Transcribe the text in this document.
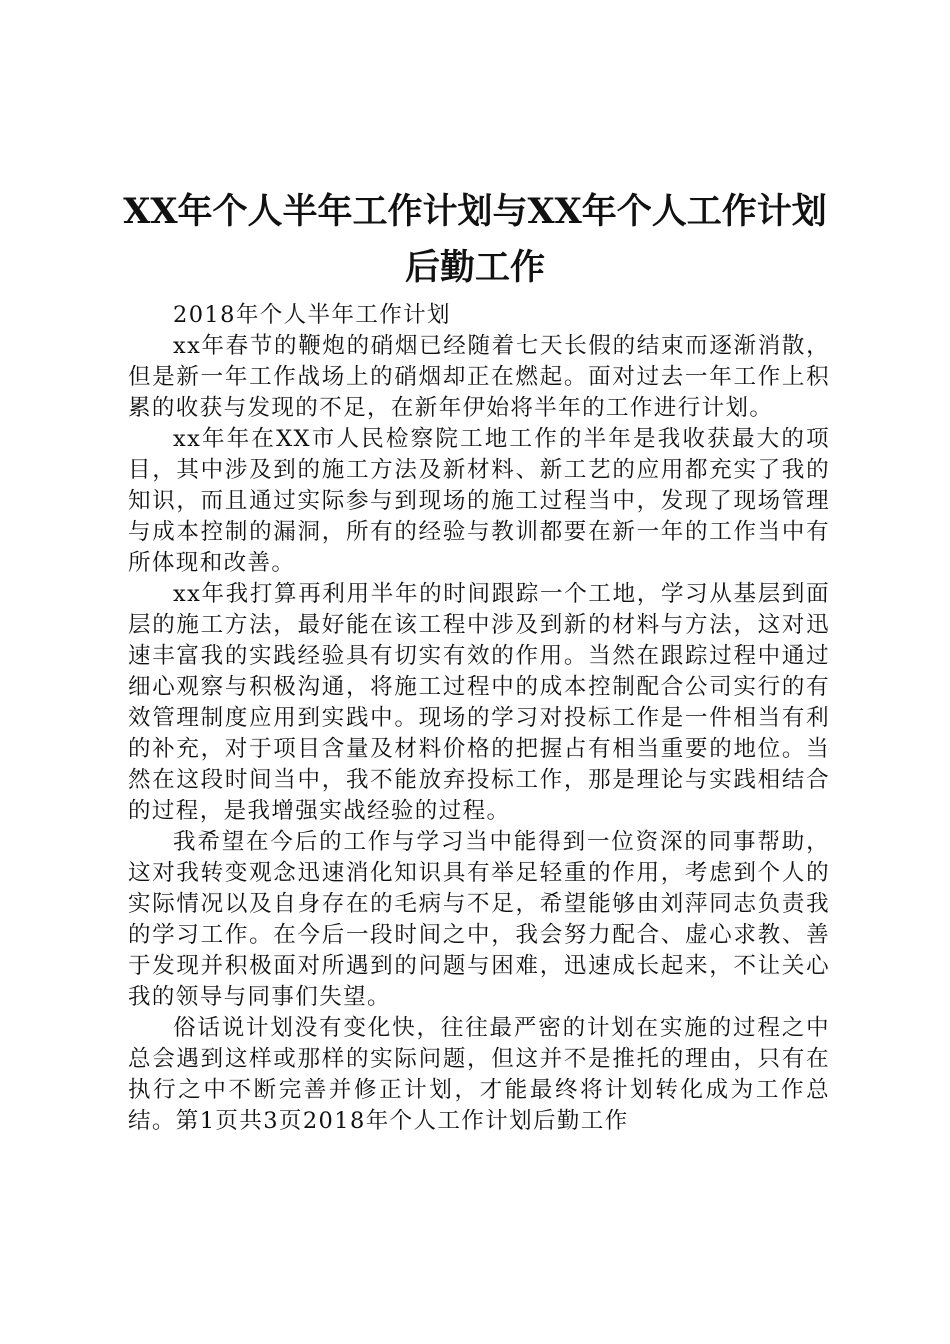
XX年个人半年工作计划与XX年个人工作计划
后勤工作

2018年个人半年工作计划

xx年春节的鞭炮的硝烟已经随着七天长假的结束而逐渐消散，但是新一年工作战场上的硝烟却正在燃起。面对过去一年工作上积累的收获与发现的不足，在新年伊始将半年的工作进行计划。

xx年年在XX市人民检察院工地工作的半年是我收获最大的项目，其中涉及到的施工方法及新材料、新工艺的应用都充实了我的知识，而且通过实际参与到现场的施工过程当中，发现了现场管理与成本控制的漏洞，所有的经验与教训都要在新一年的工作当中有所体现和改善。

xx年我打算再利用半年的时间跟踪一个工地，学习从基层到面层的施工方法，最好能在该工程中涉及到新的材料与方法，这对迅速丰富我的实践经验具有切实有效的作用。当然在跟踪过程中通过细心观察与积极沟通，将施工过程中的成本控制配合公司实行的有效管理制度应用到实践中。现场的学习对投标工作是一件相当有利的补充，对于项目含量及材料价格的把握占有相当重要的地位。当然在这段时间当中，我不能放弃投标工作，那是理论与实践相结合的过程，是我增强实战经验的过程。

我希望在今后的工作与学习当中能得到一位资深的同事帮助，这对我转变观念迅速消化知识具有举足轻重的作用，考虑到个人的实际情况以及自身存在的毛病与不足，希望能够由刘萍同志负责我的学习工作。在今后一段时间之中，我会努力配合、虚心求教、善于发现并积极面对所遇到的问题与困难，迅速成长起来，不让关心我的领导与同事们失望。

俗话说计划没有变化快，往往最严密的计划在实施的过程之中总会遇到这样或那样的实际问题，但这并不是推托的理由，只有在执行之中不断完善并修正计划，才能最终将计划转化成为工作总结。第1页共3页2018年个人工作计划后勤工作
